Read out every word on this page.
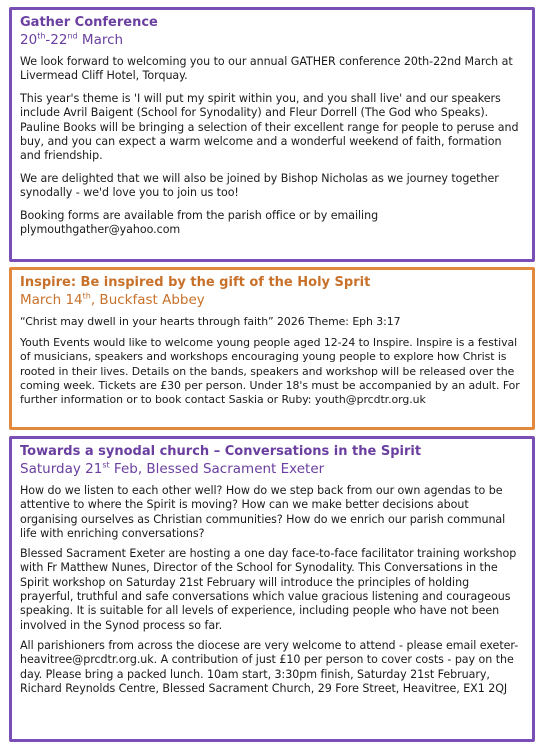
Gather Conference
20th-22nd March

We look forward to welcoming you to our annual GATHER conference 20th-22nd March at Livermead Cliff Hotel, Torquay.

This year's theme is 'I will put my spirit within you, and you shall live' and our speakers include Avril Baigent (School for Synodality) and Fleur Dorrell (The God who Speaks). Pauline Books will be bringing a selection of their excellent range for people to peruse and buy, and you can expect a warm welcome and a wonderful weekend of faith, formation and friendship.

We are delighted that we will also be joined by Bishop Nicholas as we journey together synodally - we'd love you to join us too!

Booking forms are available from the parish office or by emailing plymouthgather@yahoo.com

Inspire: Be inspired by the gift of the Holy Sprit
March 14th, Buckfast Abbey

“Christ may dwell in your hearts through faith” 2026 Theme: Eph 3:17

Youth Events would like to welcome young people aged 12-24 to Inspire. Inspire is a festival of musicians, speakers and workshops encouraging young people to explore how Christ is rooted in their lives. Details on the bands, speakers and workshop will be released over the coming week. Tickets are £30 per person. Under 18's must be accompanied by an adult. For further information or to book contact Saskia or Ruby: youth@prcdtr.org.uk

Towards a synodal church – Conversations in the Spirit
Saturday 21st Feb, Blessed Sacrament Exeter

How do we listen to each other well? How do we step back from our own agendas to be attentive to where the Spirit is moving? How can we make better decisions about organising ourselves as Christian communities? How do we enrich our parish communal life with enriching conversations?

Blessed Sacrament Exeter are hosting a one day face-to-face facilitator training workshop with Fr Matthew Nunes, Director of the School for Synodality. This Conversations in the Spirit workshop on Saturday 21st February will introduce the principles of holding prayerful, truthful and safe conversations which value gracious listening and courageous speaking. It is suitable for all levels of experience, including people who have not been involved in the Synod process so far.

All parishioners from across the diocese are very welcome to attend - please email exeter-heavitree@prcdtr.org.uk. A contribution of just £10 per person to cover costs - pay on the day. Please bring a packed lunch. 10am start, 3:30pm finish, Saturday 21st February, Richard Reynolds Centre, Blessed Sacrament Church, 29 Fore Street, Heavitree, EX1 2QJ
